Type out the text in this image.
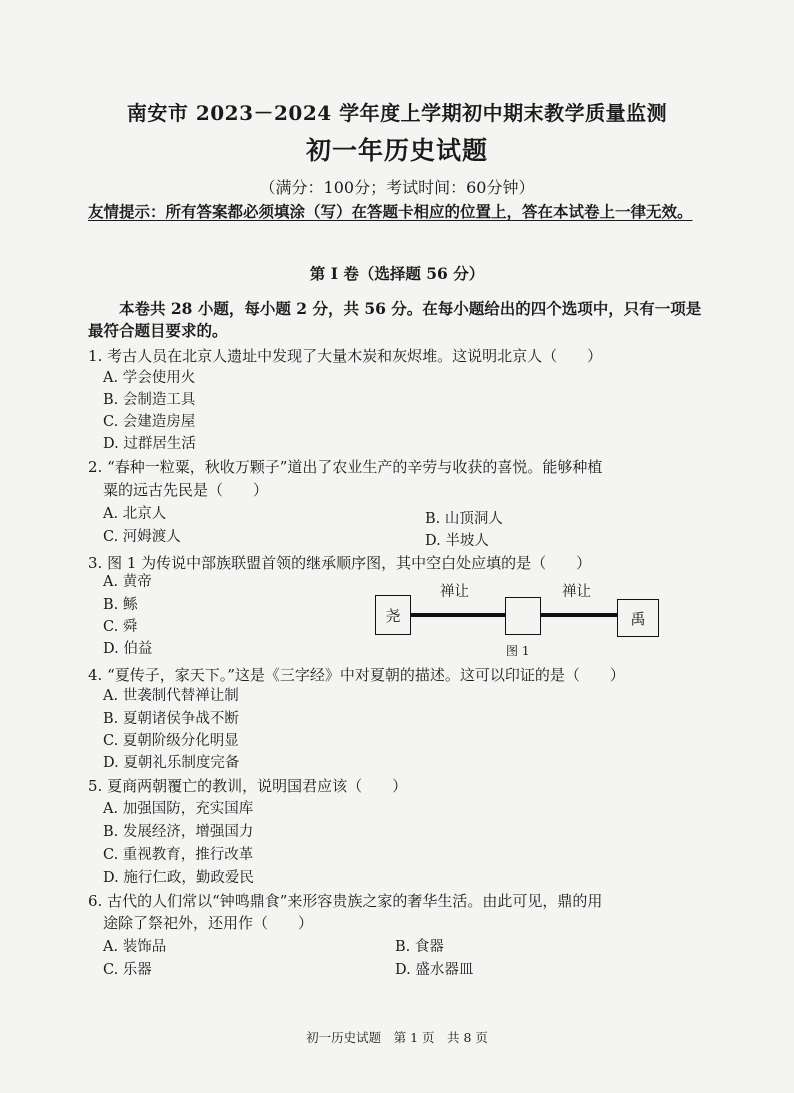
南安市 2023－2024 学年度上学期初中期末教学质量监测
初一年历史试题
（满分：100分；考试时间：60分钟）
友情提示：所有答案都必须填涂（写）在答题卡相应的位置上，答在本试卷上一律无效。
第 I 卷（选择题 56 分）
本卷共 28 小题，每小题 2 分，共 56 分。在每小题给出的四个选项中，只有一项是最符合题目要求的。
1. 考古人员在北京人遗址中发现了大量木炭和灰烬堆。这说明北京人（　　）
A. 学会使用火
B. 会制造工具
C. 会建造房屋
D. 过群居生活
2. “春种一粒粟，秋收万颗子”道出了农业生产的辛劳与收获的喜悦。能够种植
粟的远古先民是（　　）
A. 北京人	B. 山顶洞人
C. 河姆渡人	D. 半坡人
3. 图 1 为传说中部族联盟首领的继承顺序图，其中空白处应填的是（　　）
A. 黄帝
B. 鲧
C. 舜
D. 伯益
尧	禹
禅让	禅让
图 1
4. “夏传子，家天下。”这是《三字经》中对夏朝的描述。这可以印证的是（　　）
A. 世袭制代替禅让制
B. 夏朝诸侯争战不断
C. 夏朝阶级分化明显
D. 夏朝礼乐制度完备
5. 夏商两朝覆亡的教训，说明国君应该（　　）
A. 加强国防，充实国库
B. 发展经济，增强国力
C. 重视教育，推行改革
D. 施行仁政，勤政爱民
6. 古代的人们常以“钟鸣鼎食”来形容贵族之家的奢华生活。由此可见，鼎的用
途除了祭祀外，还用作（　　）
A. 装饰品	B. 食器
C. 乐器	D. 盛水器皿
初一历史试题　第 1 页　共 8 页
